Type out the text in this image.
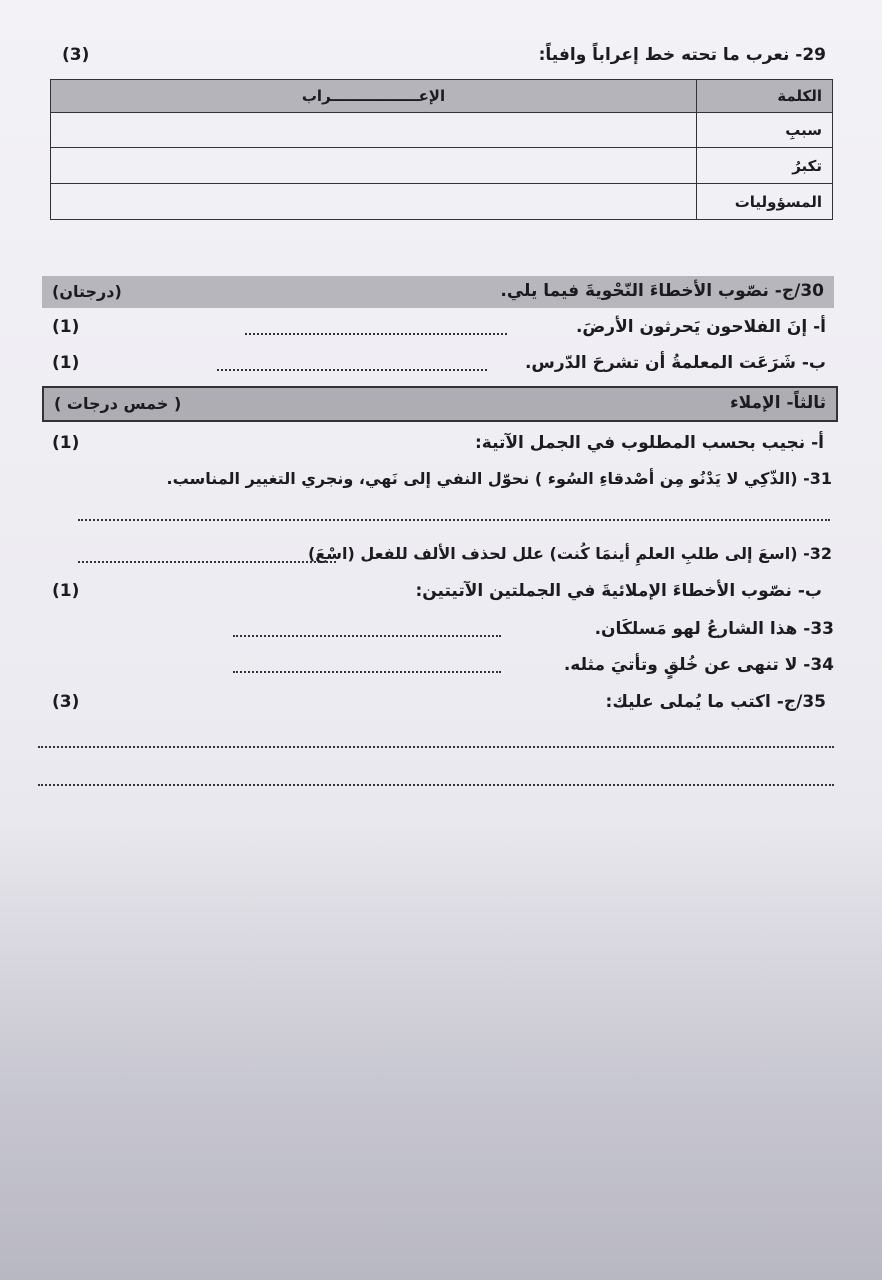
29- نعرب ما تحته خط إعراباً وافياً:
(3)
الكلمة	الإعـــــــــــــــــراب
سببِ	
تكبرُ	
المسؤوليات	
30/ج- نصّوب الأخطاءَ النّحْويةَ فيما يلي.
(درجتان)
أ- إنَ الفلاحون يَحرثون الأرضَ.
(1)
ب- شَرَعَت المعلمةُ أن تشرحَ الدّرس.
(1)
ثالثاً- الإملاء
( خمس درجات )
أ- نجيب بحسب المطلوب في الجمل الآتية:
(1)
31- (الذّكِي لا يَدْنُو مِن أصْدقاءِ السُوء ) نحوّل النفي إلى نَهي، ونجري التغيير المناسب.
32- (اسعَ إلى طلبِ العلمِ أينمَا كُنت) علل لحذف الألف للفعل (اسْعَ)
ب- نصّوب الأخطاءَ الإملائيةَ في الجملتين الآتيتين:
(1)
33- هذا الشارعُ لهو مَسلكَان.
34- لا تنهى عن خُلقٍ وتأتيَ مثله.
35/ج- اكتب ما يُملى عليك:
(3)
